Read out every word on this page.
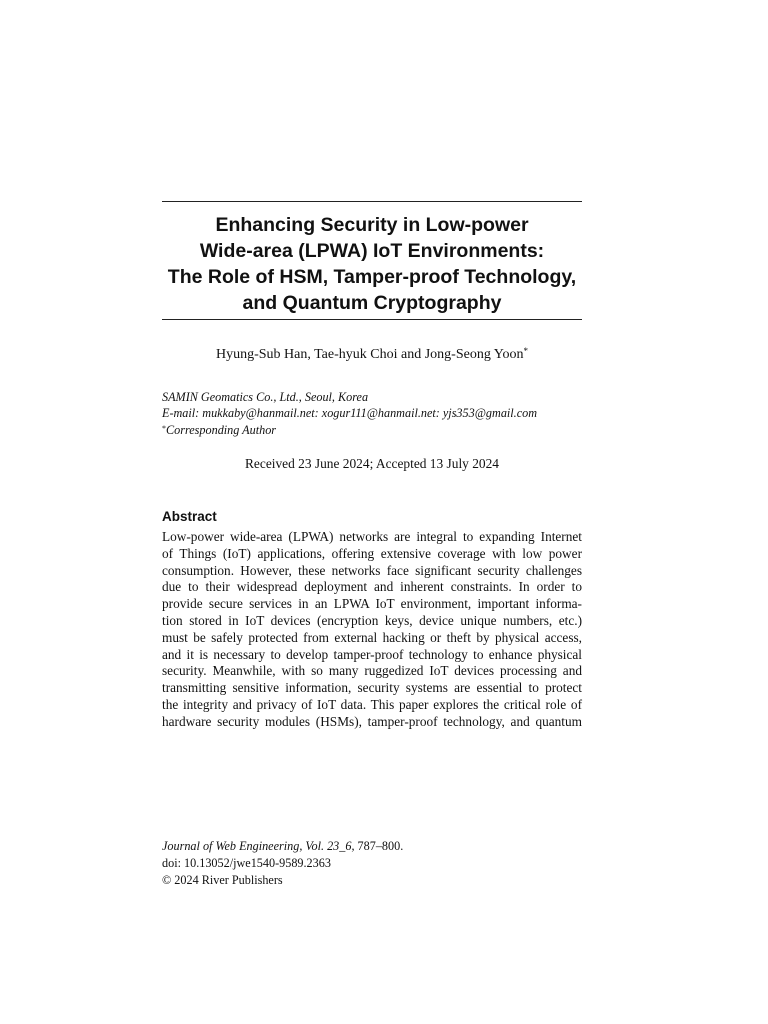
Enhancing Security in Low-power
Wide-area (LPWA) IoT Environments:
The Role of HSM, Tamper-proof Technology,
and Quantum Cryptography
Hyung-Sub Han, Tae-hyuk Choi and Jong-Seong Yoon*
SAMIN Geomatics Co., Ltd., Seoul, Korea
E-mail: mukkaby@hanmail.net: xogur111@hanmail.net: yjs353@gmail.com
*Corresponding Author
Received 23 June 2024; Accepted 13 July 2024
Abstract
Low-power wide-area (LPWA) networks are integral to expanding Internet
of Things (IoT) applications, offering extensive coverage with low power
consumption. However, these networks face significant security challenges
due to their widespread deployment and inherent constraints. In order to
provide secure services in an LPWA IoT environment, important informa-
tion stored in IoT devices (encryption keys, device unique numbers, etc.)
must be safely protected from external hacking or theft by physical access,
and it is necessary to develop tamper-proof technology to enhance physical
security. Meanwhile, with so many ruggedized IoT devices processing and
transmitting sensitive information, security systems are essential to protect
the integrity and privacy of IoT data. This paper explores the critical role of
hardware security modules (HSMs), tamper-proof technology, and quantum
Journal of Web Engineering, Vol. 23_6, 787–800.
doi: 10.13052/jwe1540-9589.2363
© 2024 River Publishers
